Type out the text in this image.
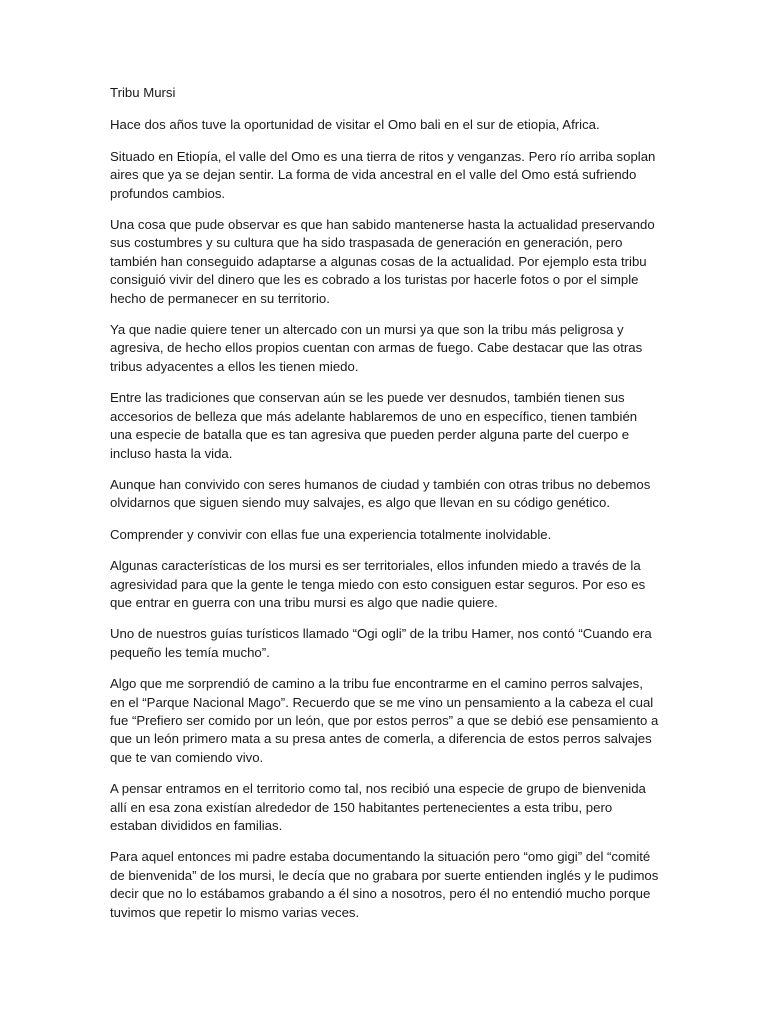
Tribu Mursi

Hace dos años tuve la oportunidad de visitar el Omo bali en el sur de etiopia, Africa.

Situado en Etiopía, el valle del Omo es una tierra de ritos y venganzas. Pero río arriba soplan aires que ya se dejan sentir. La forma de vida ancestral en el valle del Omo está sufriendo profundos cambios.

Una cosa que pude observar es que han sabido mantenerse hasta la actualidad preservando sus costumbres y su cultura que ha sido traspasada de generación en generación, pero también han conseguido adaptarse a algunas cosas de la actualidad. Por ejemplo esta tribu consiguió vivir del dinero que les es cobrado a los turistas por hacerle fotos o por el simple hecho de permanecer en su territorio.

Ya que nadie quiere tener un altercado con un mursi ya que son la tribu más peligrosa y agresiva, de hecho ellos propios cuentan con armas de fuego. Cabe destacar que las otras tribus adyacentes a ellos les tienen miedo.

Entre las tradiciones que conservan aún se les puede ver desnudos, también tienen sus accesorios de belleza que más adelante hablaremos de uno en específico, tienen también una especie de batalla que es tan agresiva que pueden perder alguna parte del cuerpo e incluso hasta la vida.

Aunque han convivido con seres humanos de ciudad y también con otras tribus no debemos olvidarnos que siguen siendo muy salvajes, es algo que llevan en su código genético.

Comprender y convivir con ellas fue una experiencia totalmente inolvidable.

Algunas características de los mursi es ser territoriales, ellos infunden miedo a través de la agresividad para que la gente le tenga miedo con esto consiguen estar seguros. Por eso es que entrar en guerra con una tribu mursi es algo que nadie quiere.

Uno de nuestros guías turísticos llamado “Ogi ogli” de la tribu Hamer, nos contó “Cuando era pequeño les temía mucho”.

Algo que me sorprendió de camino a la tribu fue encontrarme en el camino perros salvajes, en el “Parque Nacional Mago”. Recuerdo que se me vino un pensamiento a la cabeza el cual fue “Prefiero ser comido por un león, que por estos perros” a que se debió ese pensamiento a que un león primero mata a su presa antes de comerla, a diferencia de estos perros salvajes que te van comiendo vivo.

A pensar entramos en el territorio como tal, nos recibió una especie de grupo de bienvenida allí en esa zona existían alrededor de 150 habitantes pertenecientes a esta tribu, pero estaban divididos en familias.

Para aquel entonces mi padre estaba documentando la situación pero “omo gigi” del “comité de bienvenida” de los mursi, le decía que no grabara por suerte entienden inglés y le pudimos decir que no lo estábamos grabando a él sino a nosotros, pero él no entendió mucho porque tuvimos que repetir lo mismo varias veces.
